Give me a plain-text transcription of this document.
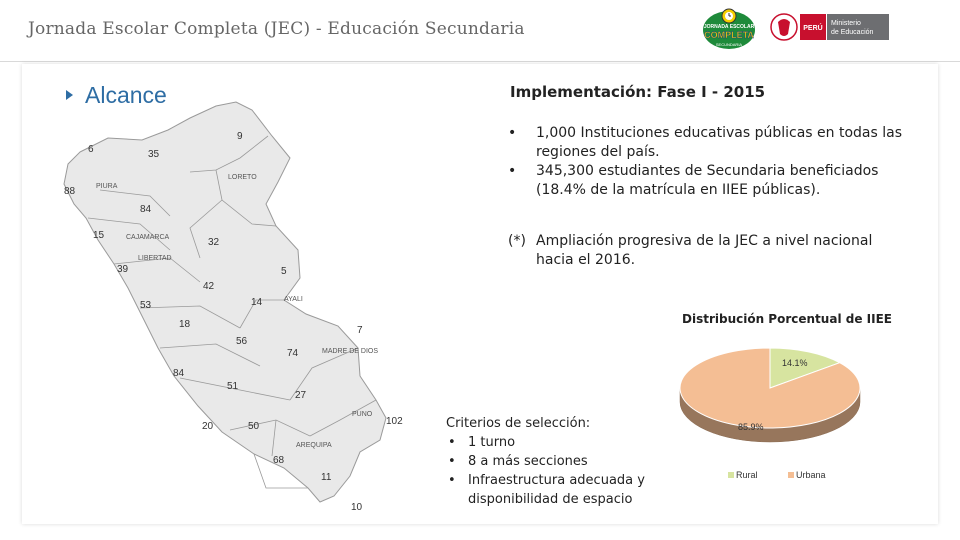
Jornada Escolar Completa (JEC) - Educación Secundaria	JORNADA ESCOLAR
COMPLETA
SECUNDARIA
PERÚ
Ministerio
de Educación
Alcance
LORETO
PIURA
CAJAMARCA
LIBERTAD
AYALI
MADRE DE DIOS
PUNO
AREQUIPA
6	35
9
88
84
15
32
39	5
42
14
53
18
7
56
74
84
51
27
20	50	102
68
11
10
Implementación: Fase I - 2015
• 1,000 Instituciones educativas públicas en todas las regiones del país.
• 345,300 estudiantes de Secundaria beneficiados (18.4% de la matrícula en IIEE públicas).
(*) Ampliación progresiva de la JEC a nivel nacional hacia el 2016.
Distribución Porcentual de IIEE
Criterios de selección:
• 1 turno
• 8 a más secciones
• Infraestructura adecuada y disponibilidad de espacio
14.1%
85.9%
Rural	Urbana
